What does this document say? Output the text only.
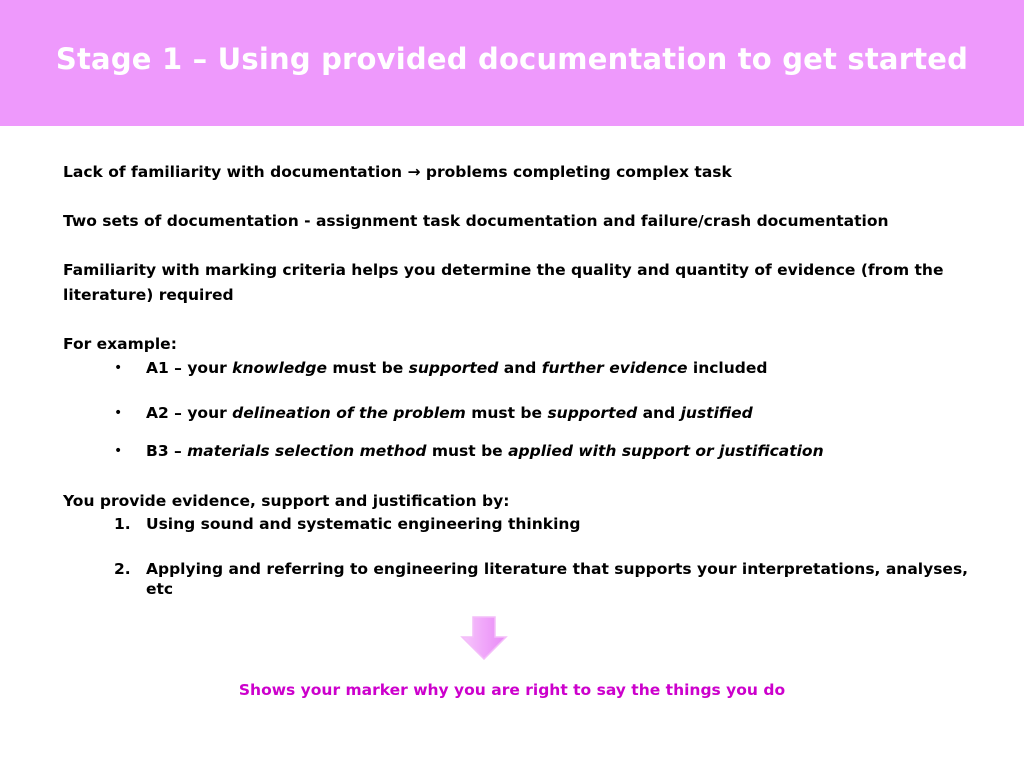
Stage 1 – Using provided documentation to get started

Lack of familiarity with documentation → problems completing complex task

Two sets of documentation - assignment task documentation and failure/crash documentation

Familiarity with marking criteria helps you determine the quality and quantity of evidence (from the literature) required

For example:

• A1 – your knowledge must be supported and further evidence included
• A2 – your delineation of the problem must be supported and justified
• B3 – materials selection method must be applied with support or justification

You provide evidence, support and justification by:

1. Using sound and systematic engineering thinking
2. Applying and referring to engineering literature that supports your interpretations, analyses, etc
Shows your marker why you are right to say the things you do
